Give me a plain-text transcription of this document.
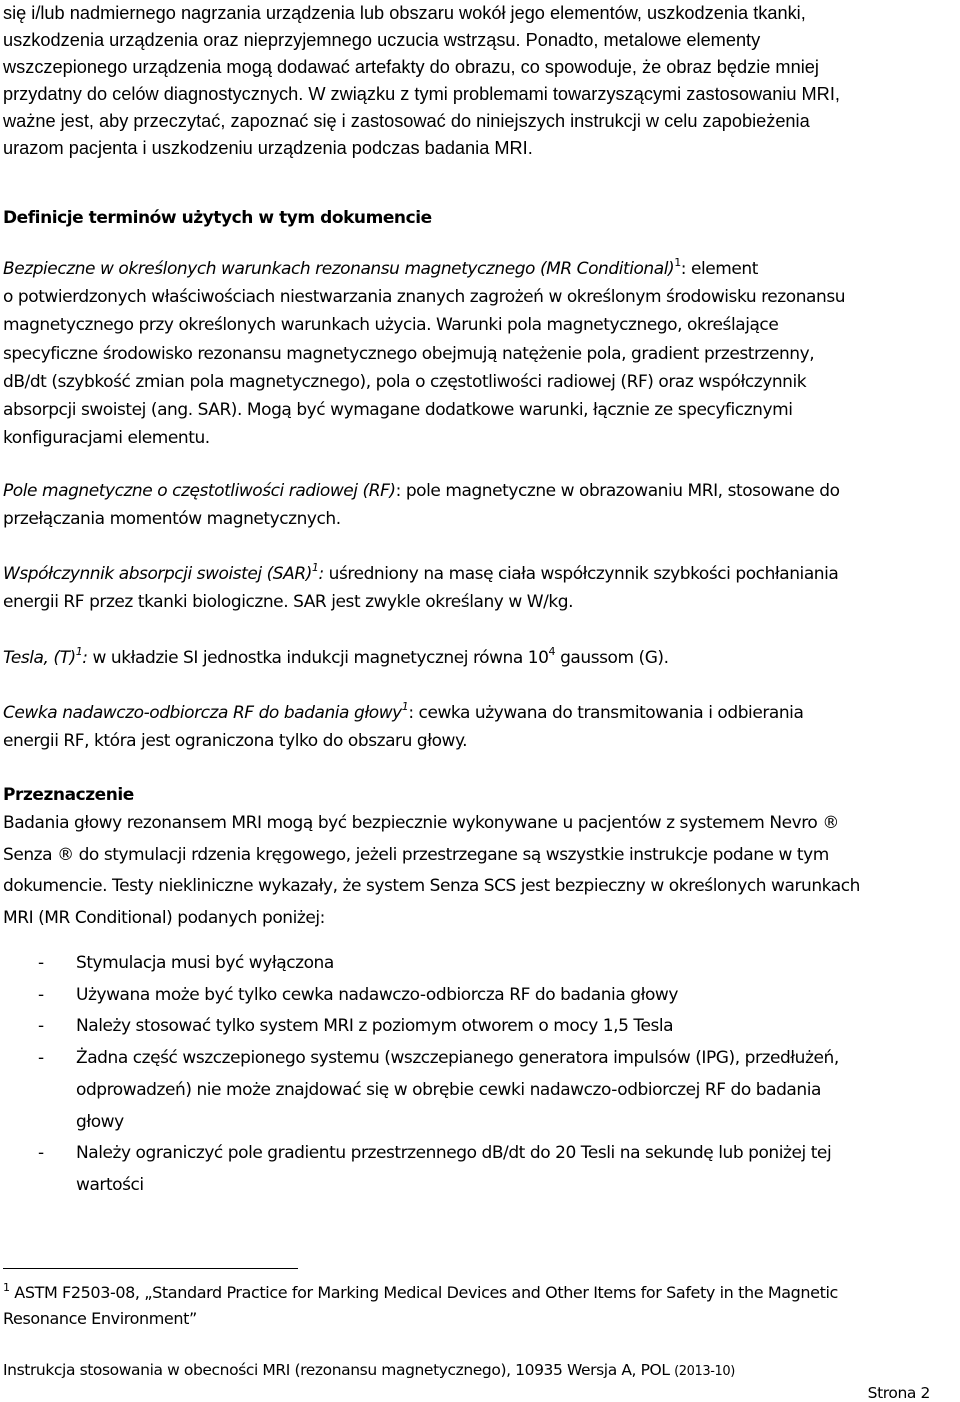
się i/lub nadmiernego nagrzania urządzenia lub obszaru wokół jego elementów, uszkodzenia tkanki,
uszkodzenia urządzenia oraz nieprzyjemnego uczucia wstrząsu. Ponadto, metalowe elementy
wszczepionego urządzenia mogą dodawać artefakty do obrazu, co spowoduje, że obraz będzie mniej
przydatny do celów diagnostycznych. W związku z tymi problemami towarzyszącymi zastosowaniu MRI,
ważne jest, aby przeczytać, zapoznać się i zastosować do niniejszych instrukcji w celu zapobieżenia
urazom pacjenta i uszkodzeniu urządzenia podczas badania MRI.
Definicje terminów użytych w tym dokumencie
Bezpieczne w określonych warunkach rezonansu magnetycznego (MR Conditional)$^1$: element
o potwierdzonych właściwościach niestwarzania znanych zagrożeń w określonym środowisku rezonansu
magnetycznego przy określonych warunkach użycia. Warunki pola magnetycznego, określające
specyficzne środowisko rezonansu magnetycznego obejmują natężenie pola, gradient przestrzenny,
dB/dt (szybkość zmian pola magnetycznego), pola o częstotliwości radiowej (RF) oraz współczynnik
absorpcji swoistej (ang. SAR). Mogą być wymagane dodatkowe warunki, łącznie ze specyficznymi
konfiguracjami elementu.
Pole magnetyczne o częstotliwości radiowej (RF): pole magnetyczne w obrazowaniu MRI, stosowane do
przełączania momentów magnetycznych.
Współczynnik absorpcji swoistej (SAR)$^1$: uśredniony na masę ciała współczynnik szybkości pochłaniania
energii RF przez tkanki biologiczne. SAR jest zwykle określany w W/kg.
Tesla, $(T)^1$: w układzie SI jednostka indukcji magnetycznej równa $10^4$ gaussom (G).
Cewka nadawczo-odbiorcza RF do badania głowy$^1$: cewka używana do transmitowania i odbierania
energii RF, która jest ograniczona tylko do obszaru głowy.
Przeznaczenie
Badania głowy rezonansem MRI mogą być bezpiecznie wykonywane u pacjentów z systemem Nevro ®
Senza ® do stymulacji rdzenia kręgowego, jeżeli przestrzegane są wszystkie instrukcje podane w tym
dokumencie. Testy niekliniczne wykazały, że system Senza SCS jest bezpieczny w określonych warunkach
MRI (MR Conditional) podanych poniżej:
- Stymulacja musi być wyłączona
- Używana może być tylko cewka nadawczo-odbiorcza RF do badania głowy
- Należy stosować tylko system MRI z poziomym otworem o mocy 1,5 Tesla
- Żadna część wszczepionego systemu (wszczepianego generatora impulsów (IPG), przedłużeń,
odprowadzeń) nie może znajdować się w obrębie cewki nadawczo-odbiorczej RF do badania
głowy
- Należy ograniczyć pole gradientu przestrzennego dB/dt do 20 Tesli na sekundę lub poniżej tej
wartości
$^1$ ASTM F2503-08, „Standard Practice for Marking Medical Devices and Other Items for Safety in the Magnetic
Resonance Environment”
Instrukcja stosowania w obecności MRI (rezonansu magnetycznego), 10935 Wersja A, POL (2013-10)
Strona 2
